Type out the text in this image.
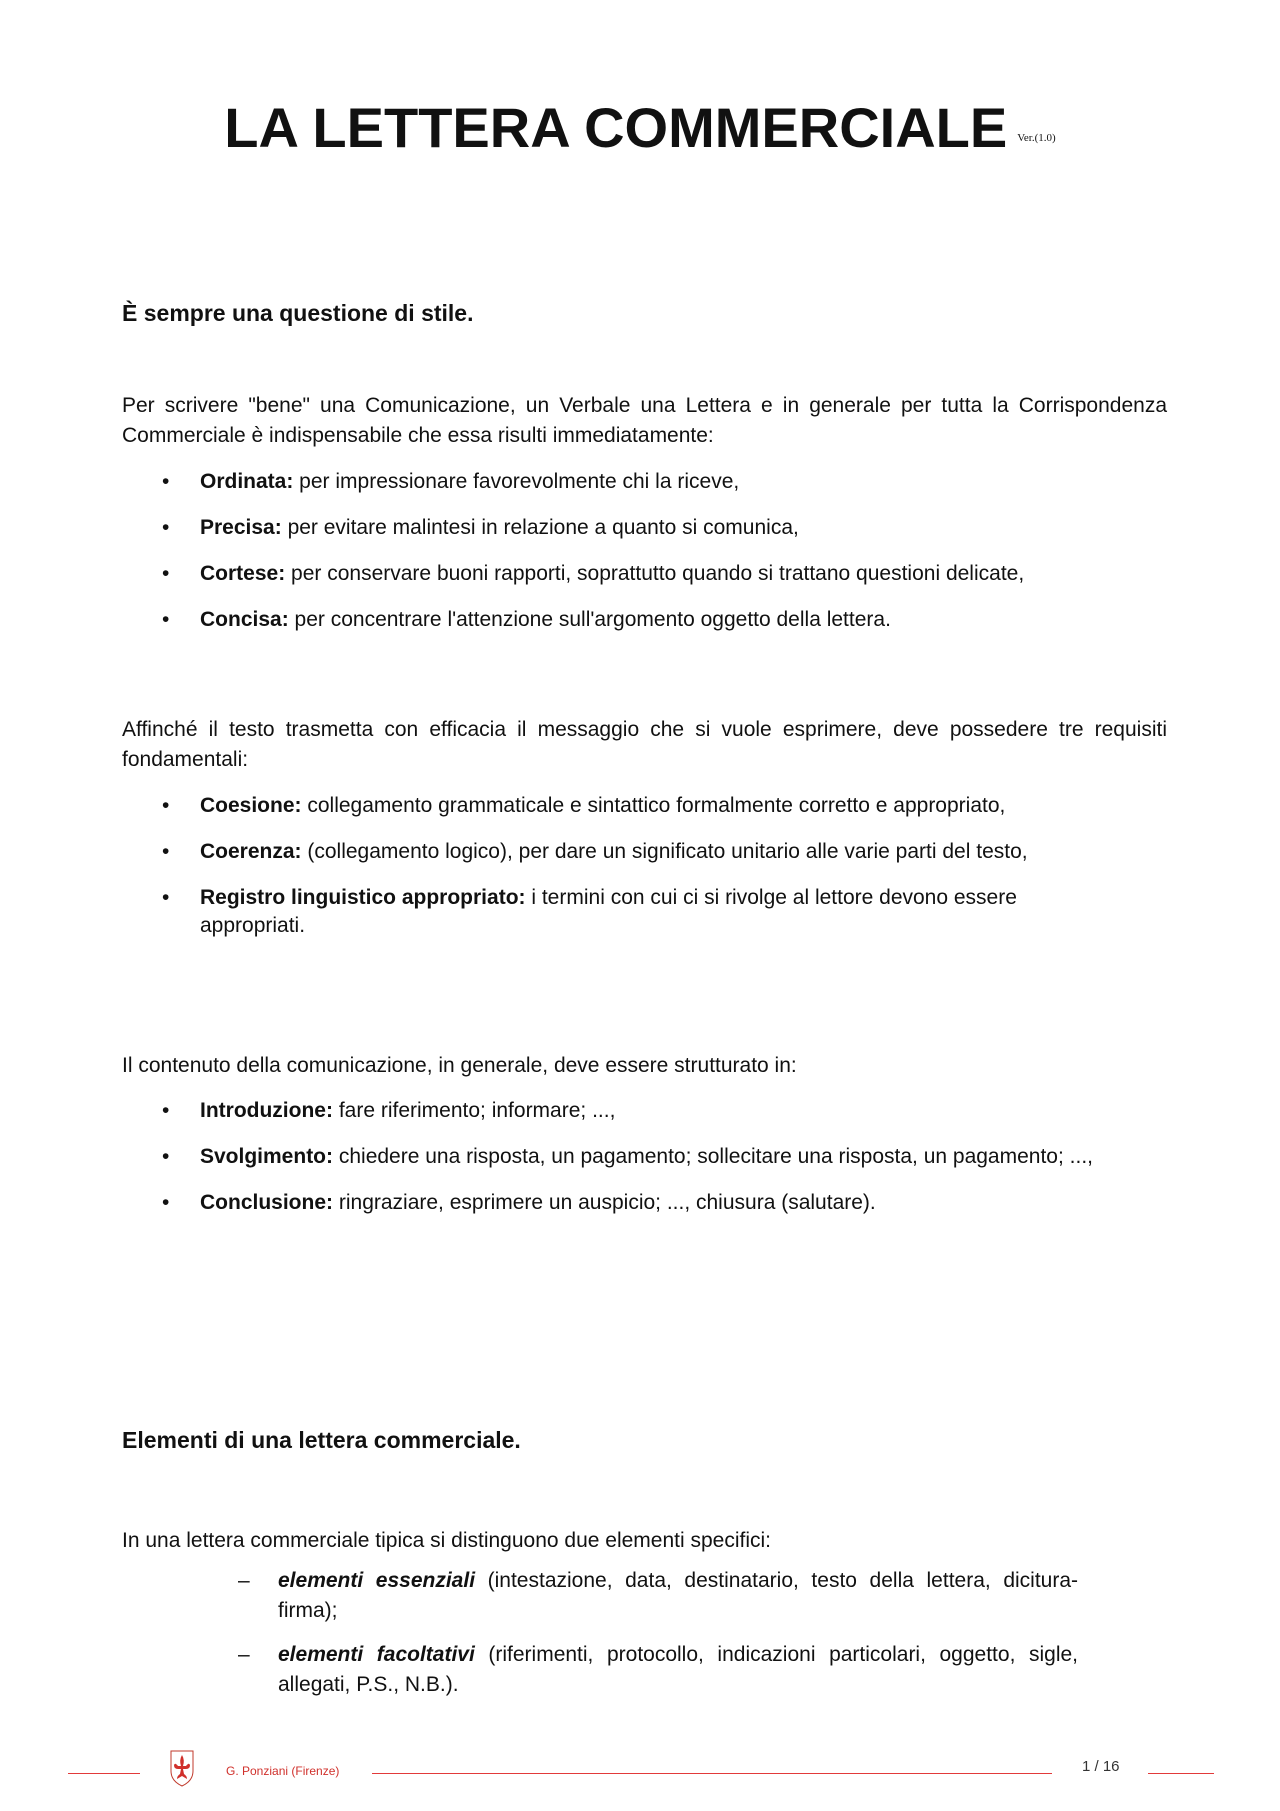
LA LETTERA COMMERCIALE Ver.(1.0)
È sempre una questione di stile.
Per scrivere "bene" una Comunicazione, un Verbale una Lettera e in generale per tutta la Corrispondenza Commerciale è indispensabile che essa risulti immediatamente:
• Ordinata: per impressionare favorevolmente chi la riceve,
• Precisa: per evitare malintesi in relazione a quanto si comunica,
• Cortese: per conservare buoni rapporti, soprattutto quando si trattano questioni delicate,
• Concisa: per concentrare l'attenzione sull'argomento oggetto della lettera.
Affinché il testo trasmetta con efficacia il messaggio che si vuole esprimere, deve possedere tre requisiti fondamentali:
• Coesione: collegamento grammaticale e sintattico formalmente corretto e appropriato,
• Coerenza: (collegamento logico), per dare un significato unitario alle varie parti del testo,
• Registro linguistico appropriato: i termini con cui ci si rivolge al lettore devono essere appropriati.
Il contenuto della comunicazione, in generale, deve essere strutturato in:
• Introduzione: fare riferimento; informare; ...,
• Svolgimento: chiedere una risposta, un pagamento; sollecitare una risposta, un pagamento; ...,
• Conclusione: ringraziare, esprimere un auspicio; ..., chiusura (salutare).
Elementi di una lettera commerciale.
In una lettera commerciale tipica si distinguono due elementi specifici:
– elementi essenziali (intestazione, data, destinatario, testo della lettera, dicitura-firma);
– elementi facoltativi (riferimenti, protocollo, indicazioni particolari, oggetto, sigle, allegati, P.S., N.B.).
G. Ponziani (Firenze)	1 / 16
